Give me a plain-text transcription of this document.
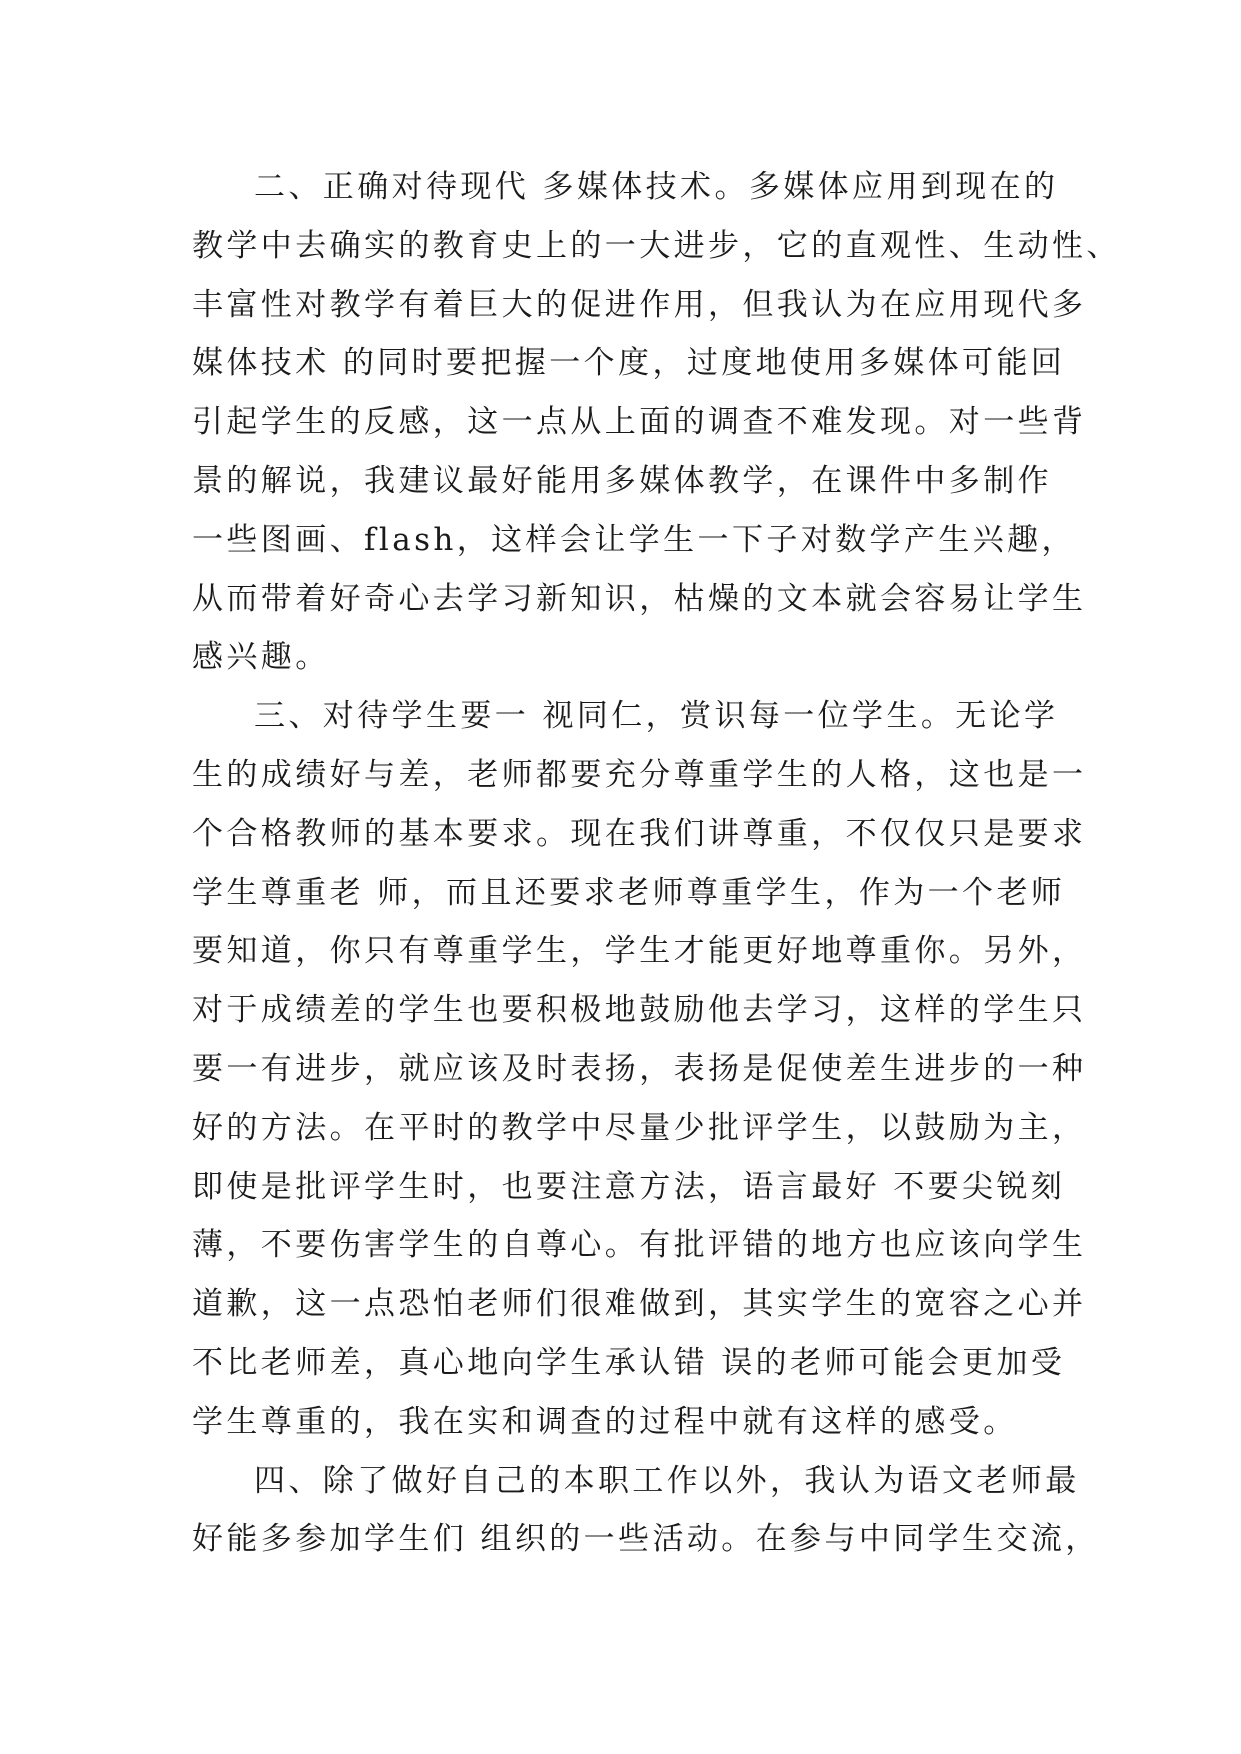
二、正确对待现代 多媒体技术。多媒体应用到现在的
教学中去确实的教育史上的一大进步，它的直观性、生动性、
丰富性对教学有着巨大的促进作用，但我认为在应用现代多
媒体技术 的同时要把握一个度，过度地使用多媒体可能回
引起学生的反感，这一点从上面的调查不难发现。对一些背
景的解说，我建议最好能用多媒体教学，在课件中多制作
一些图画、flash，这样会让学生一下子对数学产生兴趣，
从而带着好奇心去学习新知识，枯燥的文本就会容易让学生
感兴趣。
三、对待学生要一 视同仁，赏识每一位学生。无论学
生的成绩好与差，老师都要充分尊重学生的人格，这也是一
个合格教师的基本要求。现在我们讲尊重，不仅仅只是要求
学生尊重老 师，而且还要求老师尊重学生，作为一个老师
要知道，你只有尊重学生，学生才能更好地尊重你。另外，
对于成绩差的学生也要积极地鼓励他去学习，这样的学生只
要一有进步，就应该及时表扬，表扬是促使差生进步的一种
好的方法。在平时的教学中尽量少批评学生，以鼓励为主，
即使是批评学生时，也要注意方法，语言最好 不要尖锐刻
薄，不要伤害学生的自尊心。有批评错的地方也应该向学生
道歉，这一点恐怕老师们很难做到，其实学生的宽容之心并
不比老师差，真心地向学生承认错 误的老师可能会更加受
学生尊重的，我在实和调查的过程中就有这样的感受。
四、除了做好自己的本职工作以外，我认为语文老师最
好能多参加学生们 组织的一些活动。在参与中同学生交流，
